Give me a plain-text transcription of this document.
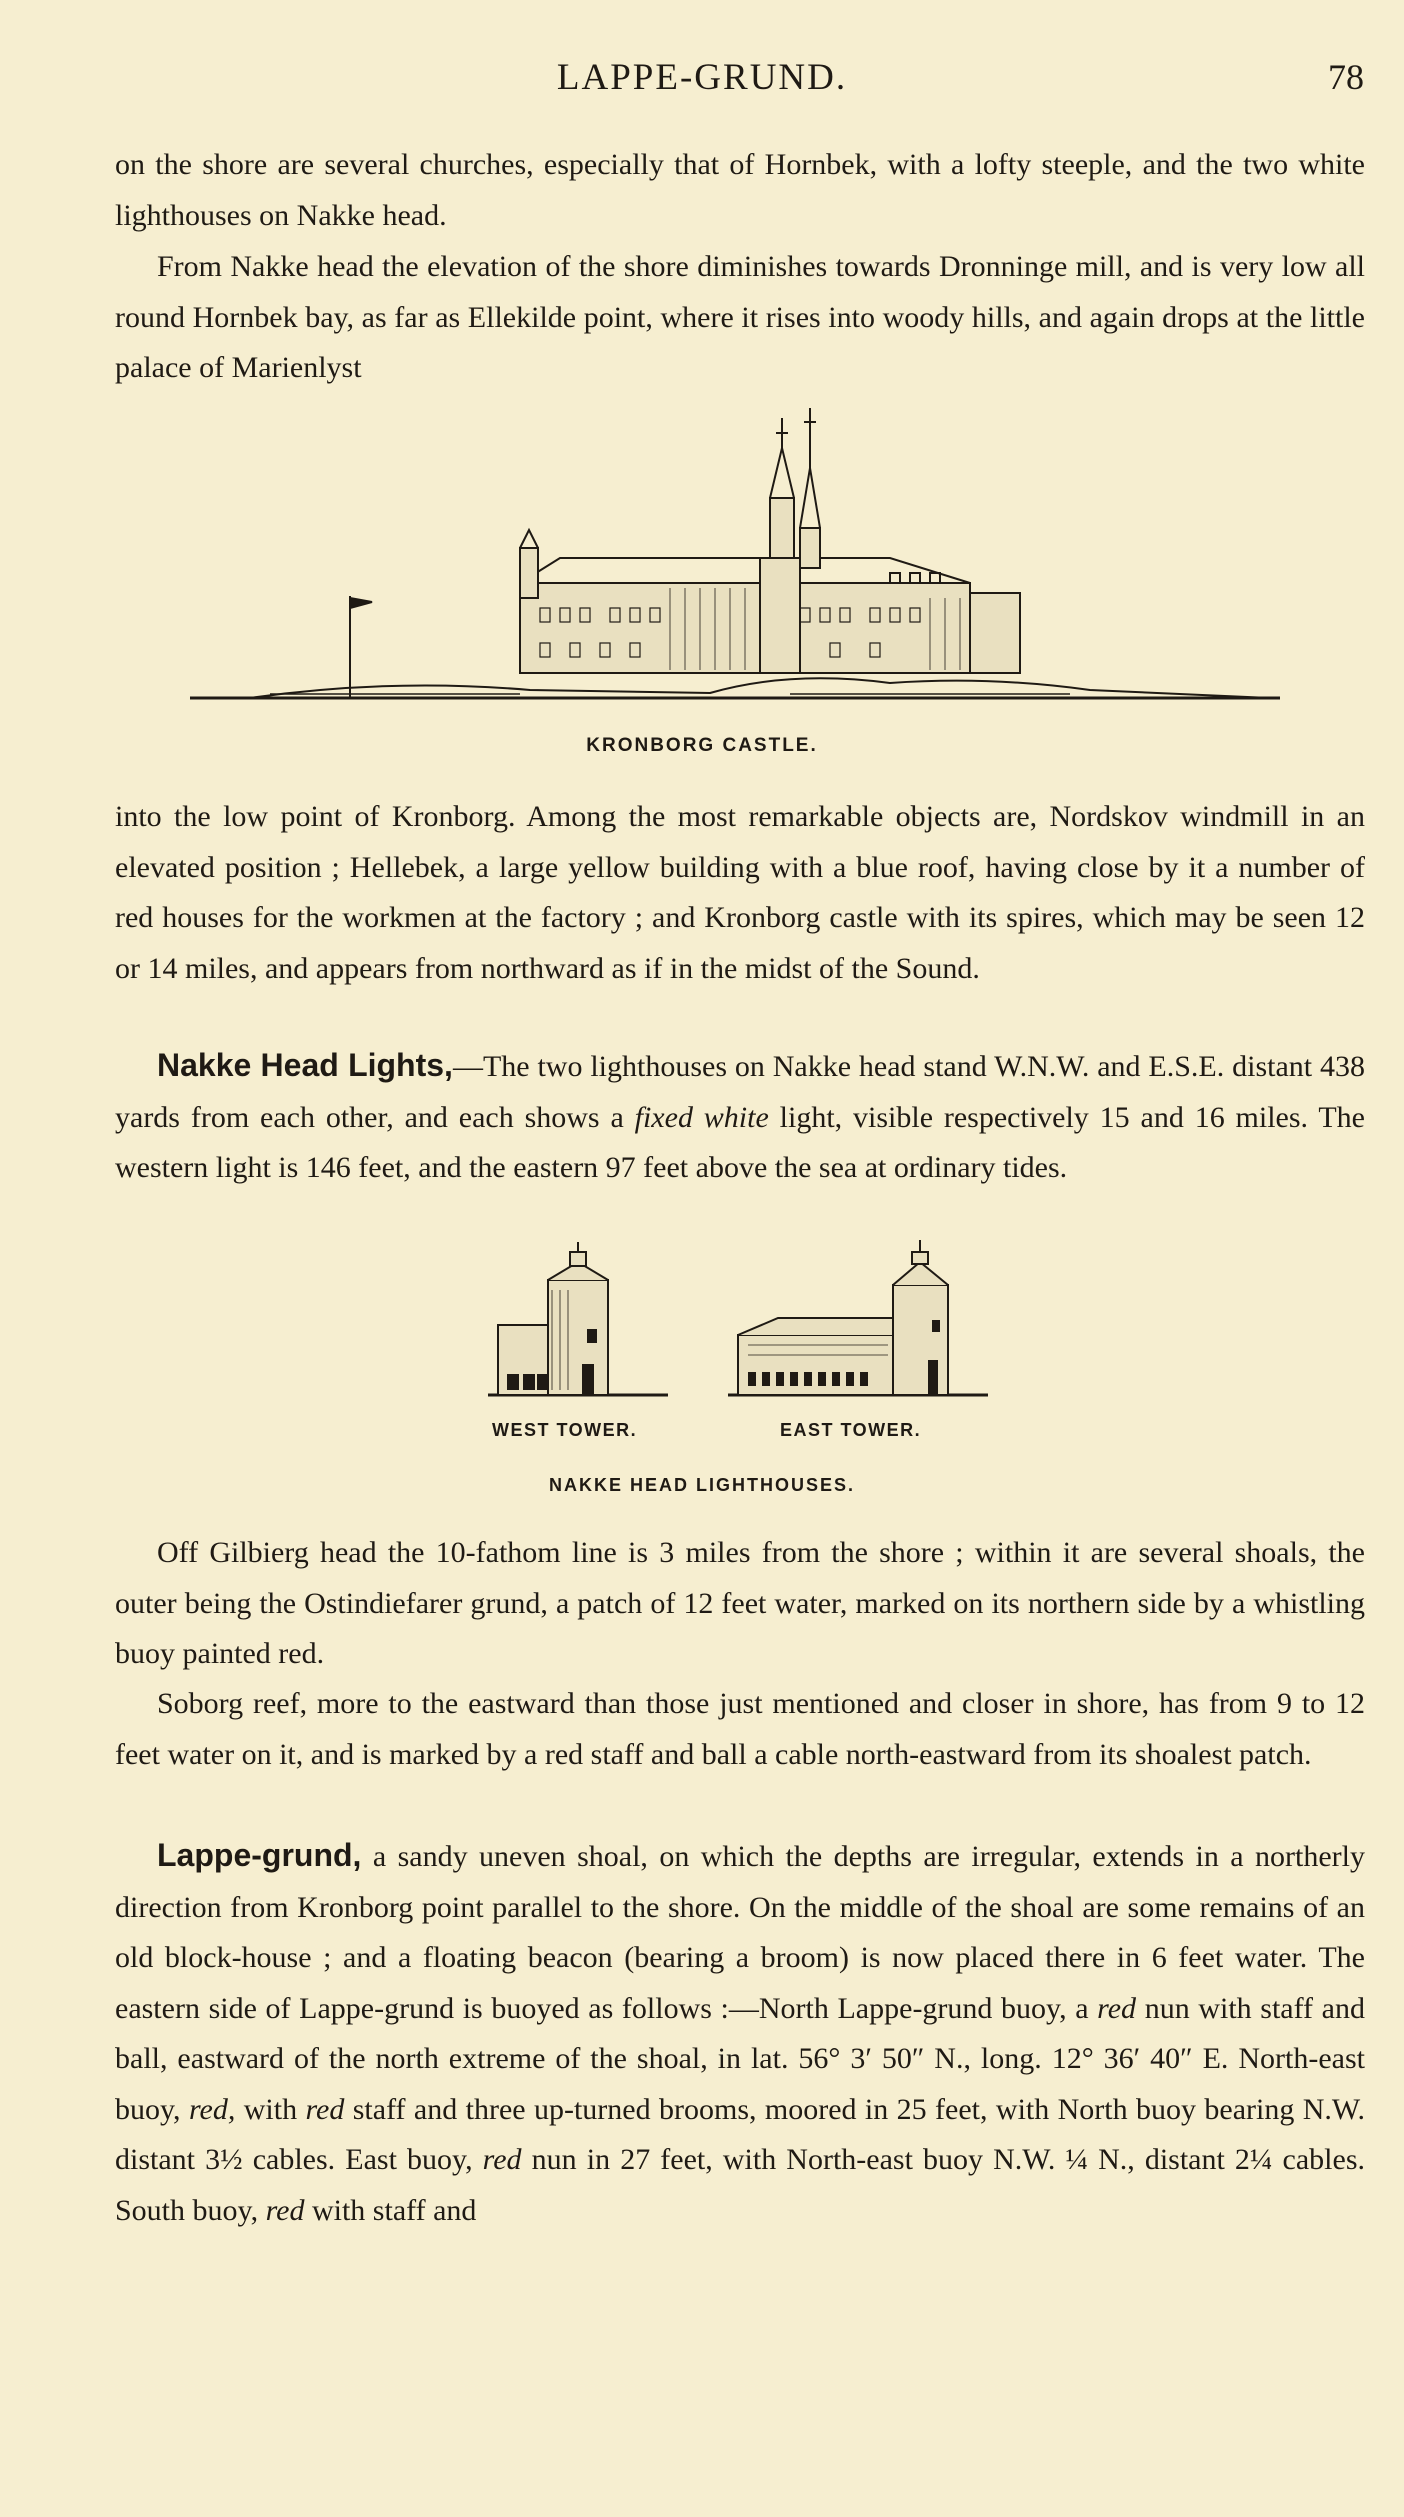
LAPPE-GRUND.	78

on the shore are several churches, especially that of Hornbek, with a lofty steeple, and the two white lighthouses on Nakke head.

From Nakke head the elevation of the shore diminishes towards Dronninge mill, and is very low all round Hornbek bay, as far as Ellekilde point, where it rises into woody hills, and again drops at the little palace of Marienlyst

KRONBORG CASTLE.

into the low point of Kronborg. Among the most remarkable objects are, Nordskov windmill in an elevated position ; Hellebek, a large yellow building with a blue roof, having close by it a number of red houses for the workmen at the factory ; and Kronborg castle with its spires, which may be seen 12 or 14 miles, and appears from northward as if in the midst of the Sound.

Nakke Head Lights,—The two lighthouses on Nakke head stand W.N.W. and E.S.E. distant 438 yards from each other, and each shows a fixed white light, visible respectively 15 and 16 miles. The western light is 146 feet, and the eastern 97 feet above the sea at ordinary tides.

WEST TOWER.	EAST TOWER.
NAKKE HEAD LIGHTHOUSES.

Off Gilbierg head the 10-fathom line is 3 miles from the shore ; within it are several shoals, the outer being the Ostindiefarer grund, a patch of 12 feet water, marked on its northern side by a whistling buoy painted red.

Soborg reef, more to the eastward than those just mentioned and closer in shore, has from 9 to 12 feet water on it, and is marked by a red staff and ball a cable north-eastward from its shoalest patch.

Lappe-grund, a sandy uneven shoal, on which the depths are irregular, extends in a northerly direction from Kronborg point parallel to the shore. On the middle of the shoal are some remains of an old block-house ; and a floating beacon (bearing a broom) is now placed there in 6 feet water. The eastern side of Lappe-grund is buoyed as follows :—North Lappe-grund buoy, a red nun with staff and ball, eastward of the north extreme of the shoal, in lat. 56° 3′ 50″ N., long. 12° 36′ 40″ E. North-east buoy, red, with red staff and three up-turned brooms, moored in 25 feet, with North buoy bearing N.W. distant 3½ cables. East buoy, red nun in 27 feet, with North-east buoy N.W. ¼ N., distant 2¼ cables. South buoy, red with staff and
